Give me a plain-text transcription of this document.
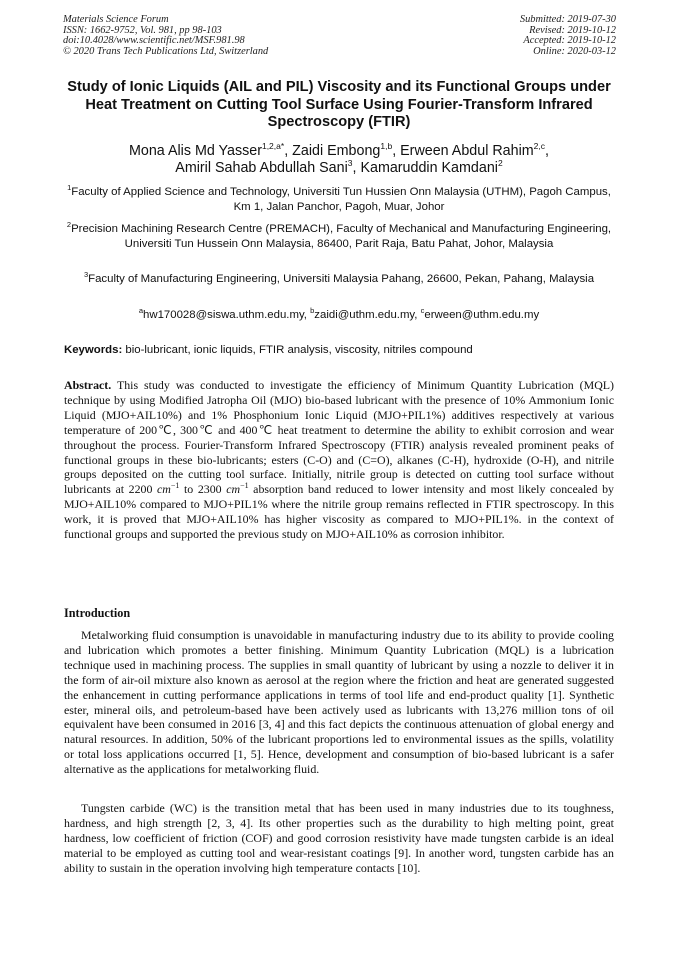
Materials Science Forum
ISSN: 1662-9752, Vol. 981, pp 98-103
doi:10.4028/www.scientific.net/MSF.981.98
© 2020 Trans Tech Publications Ltd, Switzerland
Submitted: 2019-07-30
Revised: 2019-10-12
Accepted: 2019-10-12
Online: 2020-03-12
Study of Ionic Liquids (AIL and PIL) Viscosity and its Functional Groups under Heat Treatment on Cutting Tool Surface Using Fourier-Transform Infrared Spectroscopy (FTIR)
Mona Alis Md Yasser$^{1,2,a*}$, Zaidi Embong$^{1,b}$, Erween Abdul Rahim$^{2,c}$,
Amiril Sahab Abdullah Sani$^3$, Kamaruddin Kamdani$^2$
$^1$Faculty of Applied Science and Technology, Universiti Tun Hussien Onn Malaysia (UTHM), Pagoh Campus, Km 1, Jalan Panchor, Pagoh, Muar, Johor
$^2$Precision Machining Research Centre (PREMACH), Faculty of Mechanical and Manufacturing Engineering, Universiti Tun Hussein Onn Malaysia, 86400, Parit Raja, Batu Pahat, Johor, Malaysia
$^3$Faculty of Manufacturing Engineering, Universiti Malaysia Pahang, 26600, Pekan, Pahang, Malaysia
$^a$hw170028@siswa.uthm.edu.my, $^b$zaidi@uthm.edu.my, $^c$erween@uthm.edu.my
Keywords: bio-lubricant, ionic liquids, FTIR analysis, viscosity, nitriles compound
Abstract. This study was conducted to investigate the efficiency of Minimum Quantity Lubrication (MQL) technique by using Modified Jatropha Oil (MJO) bio-based lubricant with the presence of 10% Ammonium Ionic Liquid (MJO+AIL10%) and 1% Phosphonium Ionic Liquid (MJO+PIL1%) additives respectively at various temperature of 200℃, 300℃ and 400℃ heat treatment to determine the ability to exhibit corrosion and wear throughout the process. Fourier-Transform Infrared Spectroscopy (FTIR) analysis revealed prominent peaks of functional groups in these bio-lubricants; esters (C-O) and (C=O), alkanes (C-H), hydroxide (O-H), and nitrile groups deposited on the cutting tool surface. Initially, nitrile group is detected on cutting tool surface without lubricants at 2200 $cm^{-1}$ to 2300 $cm^{-1}$ absorption band reduced to lower intensity and most likely concealed by MJO+AIL10% compared to MJO+PIL1% where the nitrile group remains reflected in FTIR spectroscopy. In this work, it is proved that MJO+AIL10% has higher viscosity as compared to MJO+PIL1%. in the context of functional groups and supported the previous study on MJO+AIL10% as corrosion inhibitor.
Introduction

Metalworking fluid consumption is unavoidable in manufacturing industry due to its ability to provide cooling and lubrication which promotes a better finishing. Minimum Quantity Lubrication (MQL) is a lubrication technique used in machining process. The supplies in small quantity of lubricant by using a nozzle to deliver it in the form of air-oil mixture also known as aerosol at the region where the friction and heat are generated suggested the enhancement in cutting performance applications in terms of tool life and end-product quality [1]. Synthetic ester, mineral oils, and petroleum-based have been actively used as lubricants with 13,276 million tons of oil equivalent have been consumed in 2016 [3, 4] and this fact depicts the continuous attenuation of global energy and natural resources. In addition, 50% of the lubricant proportions led to environmental issues as the spills, volatility or total loss applications occurred [1, 5]. Hence, development and consumption of bio-based lubricant is a safer alternative as the applications for metalworking fluid.

Tungsten carbide (WC) is the transition metal that has been used in many industries due to its toughness, hardness, and high strength [2, 3, 4]. Its other properties such as the durability to high melting point, great hardness, low coefficient of friction (COF) and good corrosion resistivity have made tungsten carbide is an ideal material to be employed as cutting tool and wear-resistant coatings [9]. In another word, tungsten carbide has an ability to sustain in the operation involving high temperature contacts [10].
